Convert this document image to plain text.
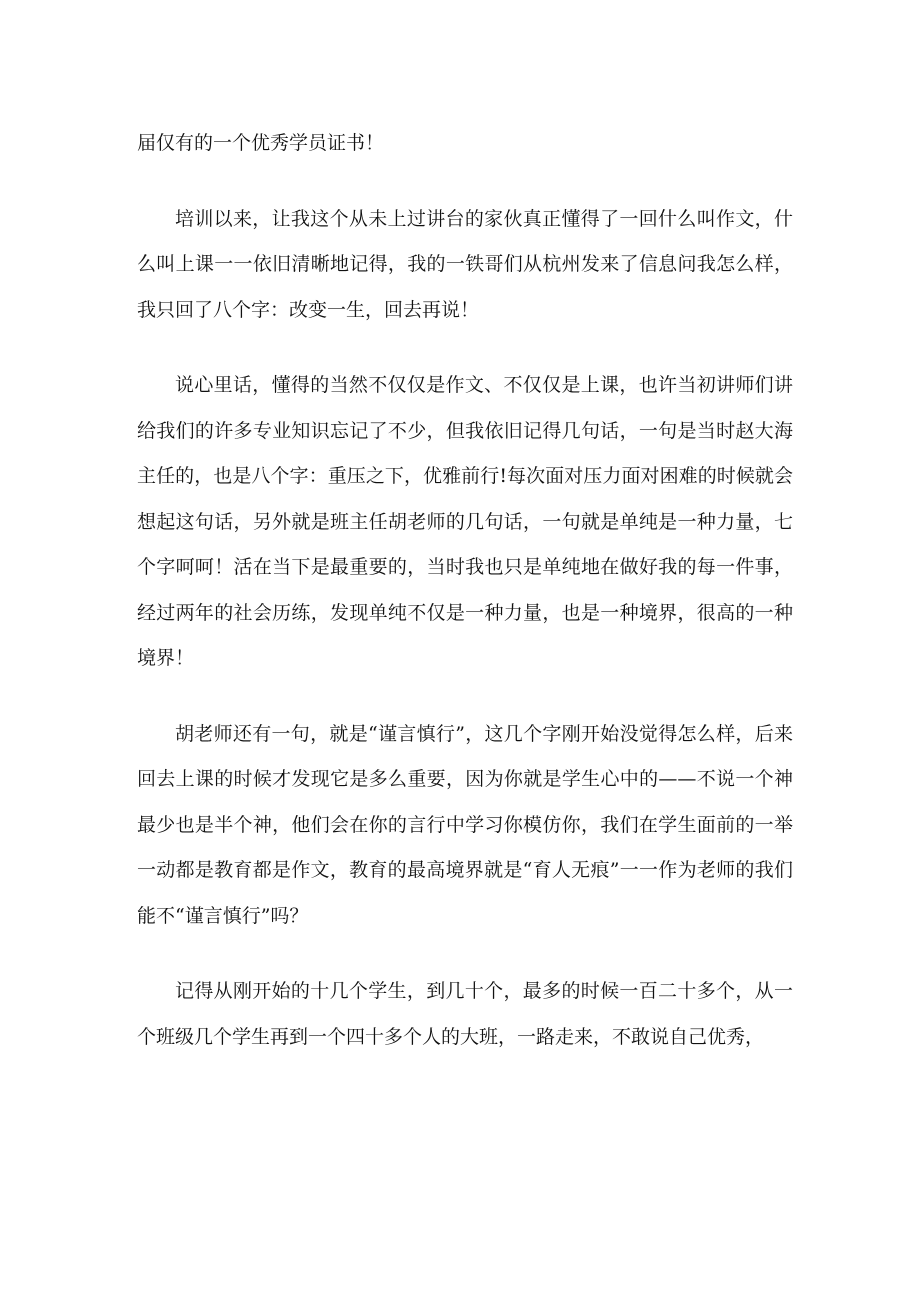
届仅有的一个优秀学员证书！

培训以来，让我这个从未上过讲台的家伙真正懂得了一回什么叫作文，什么叫上课一一依旧清晰地记得，我的一铁哥们从杭州发来了信息问我怎么样，我只回了八个字：改变一生，回去再说！

说心里话，懂得的当然不仅仅是作文、不仅仅是上课，也许当初讲师们讲给我们的许多专业知识忘记了不少，但我依旧记得几句话，一句是当时赵大海主任的，也是八个字：重压之下，优雅前行!每次面对压力面对困难的时候就会想起这句话，另外就是班主任胡老师的几句话，一句就是单纯是一种力量，七个字呵呵！活在当下是最重要的，当时我也只是单纯地在做好我的每一件事，经过两年的社会历练，发现单纯不仅是一种力量，也是一种境界，很高的一种境界！

胡老师还有一句，就是“谨言慎行”，这几个字刚开始没觉得怎么样，后来回去上课的时候才发现它是多么重要，因为你就是学生心中的——不说一个神最少也是半个神，他们会在你的言行中学习你模仿你，我们在学生面前的一举一动都是教育都是作文，教育的最高境界就是“育人无痕”一一作为老师的我们能不“谨言慎行”吗？

记得从刚开始的十几个学生，到几十个，最多的时候一百二十多个，从一个班级几个学生再到一个四十多个人的大班，一路走来，不敢说自己优秀，
